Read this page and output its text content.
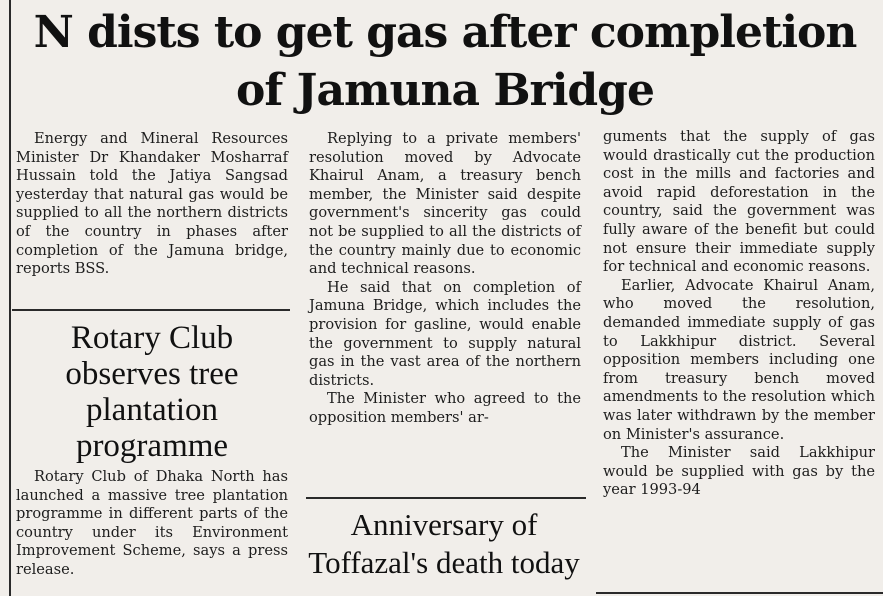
N dists to get gas after completion
of Jamuna Bridge

Energy and Mineral Resources Minister Dr Khandaker Mosharraf Hussain told the Jatiya Sangsad yesterday that natural gas would be supplied to all the northern districts of the country in phases after completion of the Jamuna bridge, reports BSS.

Rotary Club observes tree plantation programme

Rotary Club of Dhaka North has launched a massive tree plantation programme in different parts of the country under its Environment Improvement Scheme, says a press release.

Replying to a private members' resolution moved by Advocate Khairul Anam, a treasury bench member, the Minister said despite government's sincerity gas could not be supplied to all the districts of the country mainly due to economic and technical reasons.

He said that on completion of Jamuna Bridge, which includes the provision for gasline, would enable the government to supply natural gas in the vast area of the northern districts.

The Minister who agreed to the opposition members' ar-

Anniversary of Toffazal's death today

guments that the supply of gas would drastically cut the production cost in the mills and factories and avoid rapid deforestation in the country, said the government was fully aware of the benefit but could not ensure their immediate supply for technical and economic reasons.

Earlier, Advocate Khairul Anam, who moved the resolution, demanded immediate supply of gas to Lakkhipur district. Several opposition members including one from treasury bench moved amendments to the resolution which was later withdrawn by the member on Minister's assurance.

The Minister said Lakkhipur would be supplied with gas by the year 1993-94
